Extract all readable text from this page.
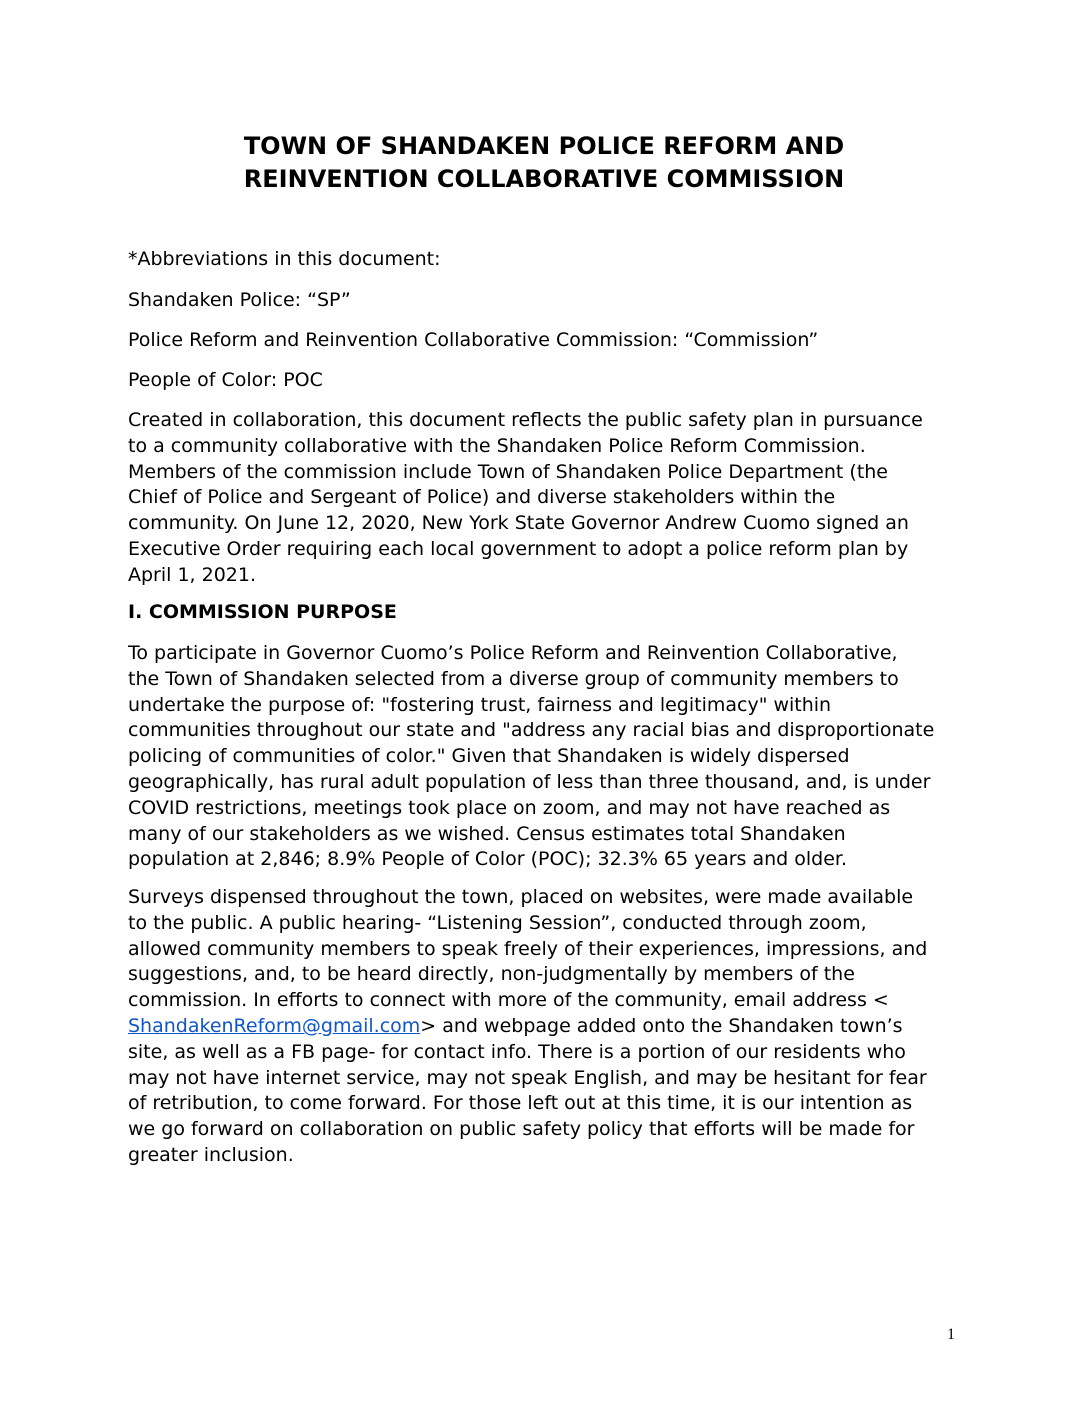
TOWN OF SHANDAKEN POLICE REFORM AND
REINVENTION COLLABORATIVE COMMISSION

*Abbreviations in this document:

Shandaken Police: “SP”

Police Reform and Reinvention Collaborative Commission: “Commission”

People of Color: POC

Created in collaboration, this document reflects the public safety plan in pursuance
to a community collaborative with the Shandaken Police Reform Commission.
Members of the commission include Town of Shandaken Police Department (the
Chief of Police and Sergeant of Police) and diverse stakeholders within the
community. On June 12, 2020, New York State Governor Andrew Cuomo signed an
Executive Order requiring each local government to adopt a police reform plan by
April 1, 2021.

I. COMMISSION PURPOSE

To participate in Governor Cuomo’s Police Reform and Reinvention Collaborative,
the Town of Shandaken selected from a diverse group of community members to
undertake the purpose of: "fostering trust, fairness and legitimacy" within
communities throughout our state and "address any racial bias and disproportionate
policing of communities of color." Given that Shandaken is widely dispersed
geographically, has rural adult population of less than three thousand, and, is under
COVID restrictions, meetings took place on zoom, and may not have reached as
many of our stakeholders as we wished. Census estimates total Shandaken
population at 2,846; 8.9% People of Color (POC); 32.3% 65 years and older.
Surveys dispensed throughout the town, placed on websites, were made available
to the public. A public hearing- “Listening Session”, conducted through zoom,
allowed community members to speak freely of their experiences, impressions, and
suggestions, and, to be heard directly, non-judgmentally by members of the
commission. In efforts to connect with more of the community, email address <
ShandakenReform@gmail.com> and webpage added onto the Shandaken town’s
site, as well as a FB page- for contact info. There is a portion of our residents who
may not have internet service, may not speak English, and may be hesitant for fear
of retribution, to come forward. For those left out at this time, it is our intention as
we go forward on collaboration on public safety policy that efforts will be made for
greater inclusion.
1
